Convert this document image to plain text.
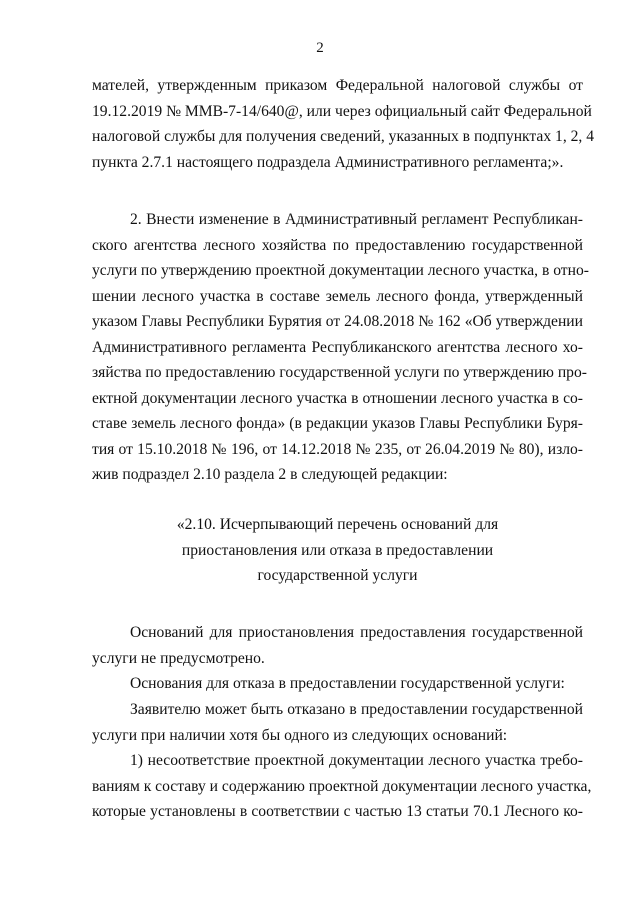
2
мателей, утвержденным приказом Федеральной налоговой службы от
19.12.2019 № ММВ-7-14/640@, или через официальный сайт Федеральной
налоговой службы для получения сведений, указанных в подпунктах 1, 2, 4
пункта 2.7.1 настоящего подраздела Административного регламента;».
2. Внести изменение в Административный регламент Республикан-
ского агентства лесного хозяйства по предоставлению государственной
услуги по утверждению проектной документации лесного участка, в отно-
шении лесного участка в составе земель лесного фонда, утвержденный
указом Главы Республики Бурятия от 24.08.2018 № 162 «Об утверждении
Административного регламента Республиканского агентства лесного хо-
зяйства по предоставлению государственной услуги по утверждению про-
ектной документации лесного участка в отношении лесного участка в со-
ставе земель лесного фонда» (в редакции указов Главы Республики Буря-
тия от 15.10.2018 № 196, от 14.12.2018 № 235, от 26.04.2019 № 80), изло-
жив подраздел 2.10 раздела 2 в следующей редакции:
«2.10. Исчерпывающий перечень оснований для
приостановления или отказа в предоставлении
государственной услуги
Оснований для приостановления предоставления государственной
услуги не предусмотрено.
Основания для отказа в предоставлении государственной услуги:
Заявителю может быть отказано в предоставлении государственной
услуги при наличии хотя бы одного из следующих оснований:
1) несоответствие проектной документации лесного участка требо-
ваниям к составу и содержанию проектной документации лесного участка,
которые установлены в соответствии с частью 13 статьи 70.1 Лесного ко-
